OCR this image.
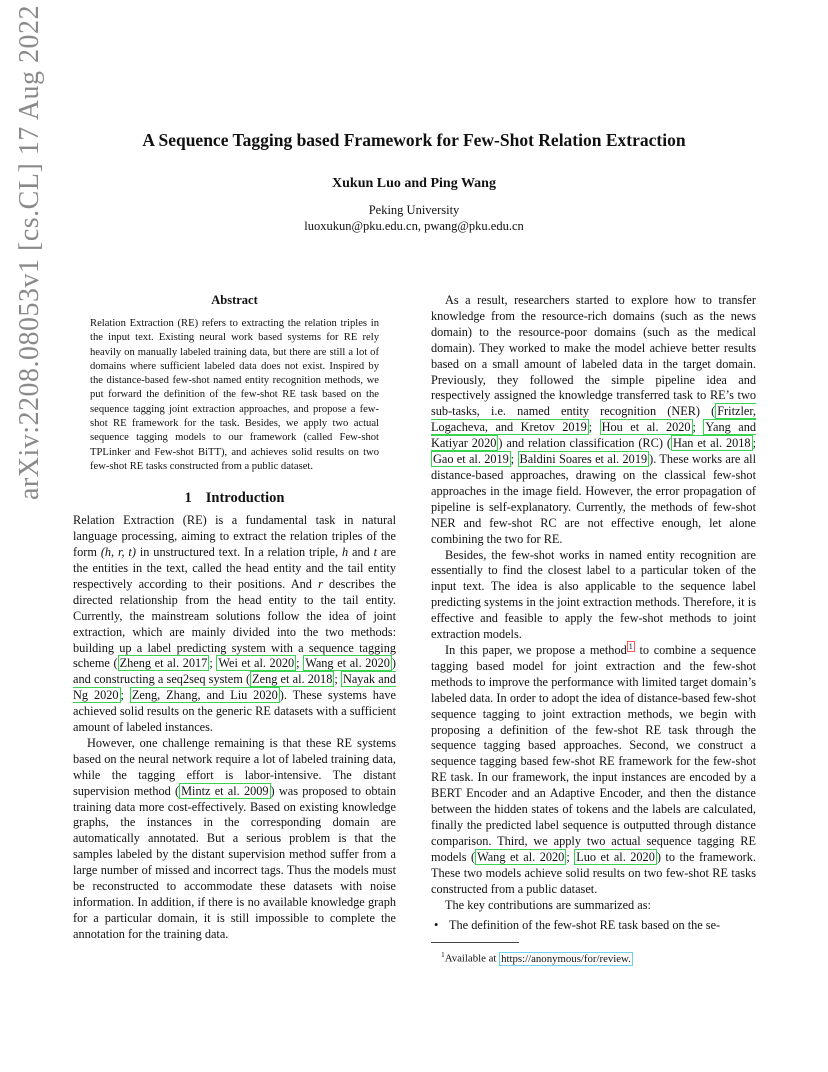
arXiv:2208.08053v1 [cs.CL] 17 Aug 2022	A Sequence Tagging based Framework for Few-Shot Relation Extraction
Xukun Luo and Ping Wang
Peking University
luoxukun@pku.edu.cn, pwang@pku.edu.cn
Abstract

Relation Extraction (RE) refers to extracting the relation triples in the input text. Existing neural work based systems for RE rely heavily on manually labeled training data, but there are still a lot of domains where sufficient labeled data does not exist. Inspired by the distance-based few-shot named entity recognition methods, we put forward the definition of the few-shot RE task based on the sequence tagging joint extraction approaches, and propose a few-shot RE framework for the task. Besides, we apply two actual sequence tagging models to our framework (called Few-shot TPLinker and Few-shot BiTT), and achieves solid results on two few-shot RE tasks constructed from a public dataset.

1 Introduction

Relation Extraction (RE) is a fundamental task in natural language processing, aiming to extract the relation triples of the form (h, r, t) in unstructured text. In a relation triple, h and t are the entities in the text, called the head entity and the tail entity respectively according to their positions. And r describes the directed relationship from the head entity to the tail entity. Currently, the mainstream solutions follow the idea of joint extraction, which are mainly divided into the two methods: building up a label predicting system with a sequence tagging scheme ( Zheng et al. 2017 ; Wei et al. 2020 ; Wang et al. 2020 ) and constructing a seq2seq system ( Zeng et al. 2018 ; Nayak and Ng 2020 ; Zeng, Zhang, and Liu 2020 ). These systems have achieved solid results on the generic RE datasets with a sufficient amount of labeled instances.

However, one challenge remaining is that these RE systems based on the neural network require a lot of labeled training data, while the tagging effort is labor-intensive. The distant supervision method ( Mintz et al. 2009 ) was proposed to obtain training data more cost-effectively. Based on existing knowledge graphs, the instances in the corresponding domain are automatically annotated. But a serious problem is that the samples labeled by the distant supervision method suffer from a large number of missed and incorrect tags. Thus the models must be reconstructed to accommodate these datasets with noise information. In addition, if there is no available knowledge graph for a particular domain, it is still impossible to complete the annotation for the training data.

As a result, researchers started to explore how to transfer knowledge from the resource-rich domains (such as the news domain) to the resource-poor domains (such as the medical domain). They worked to make the model achieve better results based on a small amount of labeled data in the target domain. Previously, they followed the simple pipeline idea and respectively assigned the knowledge transferred task to RE’s two sub-tasks, i.e. named entity recognition (NER) ( Fritzler, Logacheva, and Kretov 2019 ; Hou et al. 2020 ; Yang and Katiyar 2020 ) and relation classification (RC) ( Han et al. 2018 ; Gao et al. 2019 ; Baldini Soares et al. 2019 ). These works are all distance-based approaches, drawing on the classical few-shot approaches in the image field. However, the error propagation of pipeline is self-explanatory. Currently, the methods of few-shot NER and few-shot RC are not effective enough, let alone combining the two for RE.

Besides, the few-shot works in named entity recognition are essentially to find the closest label to a particular token of the input text. The idea is also applicable to the sequence label predicting systems in the joint extraction methods. Therefore, it is effective and feasible to apply the few-shot methods to joint extraction models.

In this paper, we propose a method $^1$ to combine a sequence tagging based model for joint extraction and the few-shot methods to improve the performance with limited target domain’s labeled data. In order to adopt the idea of distance-based few-shot sequence tagging to joint extraction methods, we begin with proposing a definition of the few-shot RE task through the sequence tagging based approaches. Second, we construct a sequence tagging based few-shot RE framework for the few-shot RE task. In our framework, the input instances are encoded by a BERT Encoder and an Adaptive Encoder, and then the distance between the hidden states of tokens and the labels are calculated, finally the predicted label sequence is outputted through distance comparison. Third, we apply two actual sequence tagging RE models ( Wang et al. 2020 ; Luo et al. 2020 ) to the framework. These two models achieve solid results on two few-shot RE tasks constructed from a public dataset.

The key contributions are summarized as:

• The definition of the few-shot RE task based on the se-
$^1$Available at https://anonymous/for/review.
